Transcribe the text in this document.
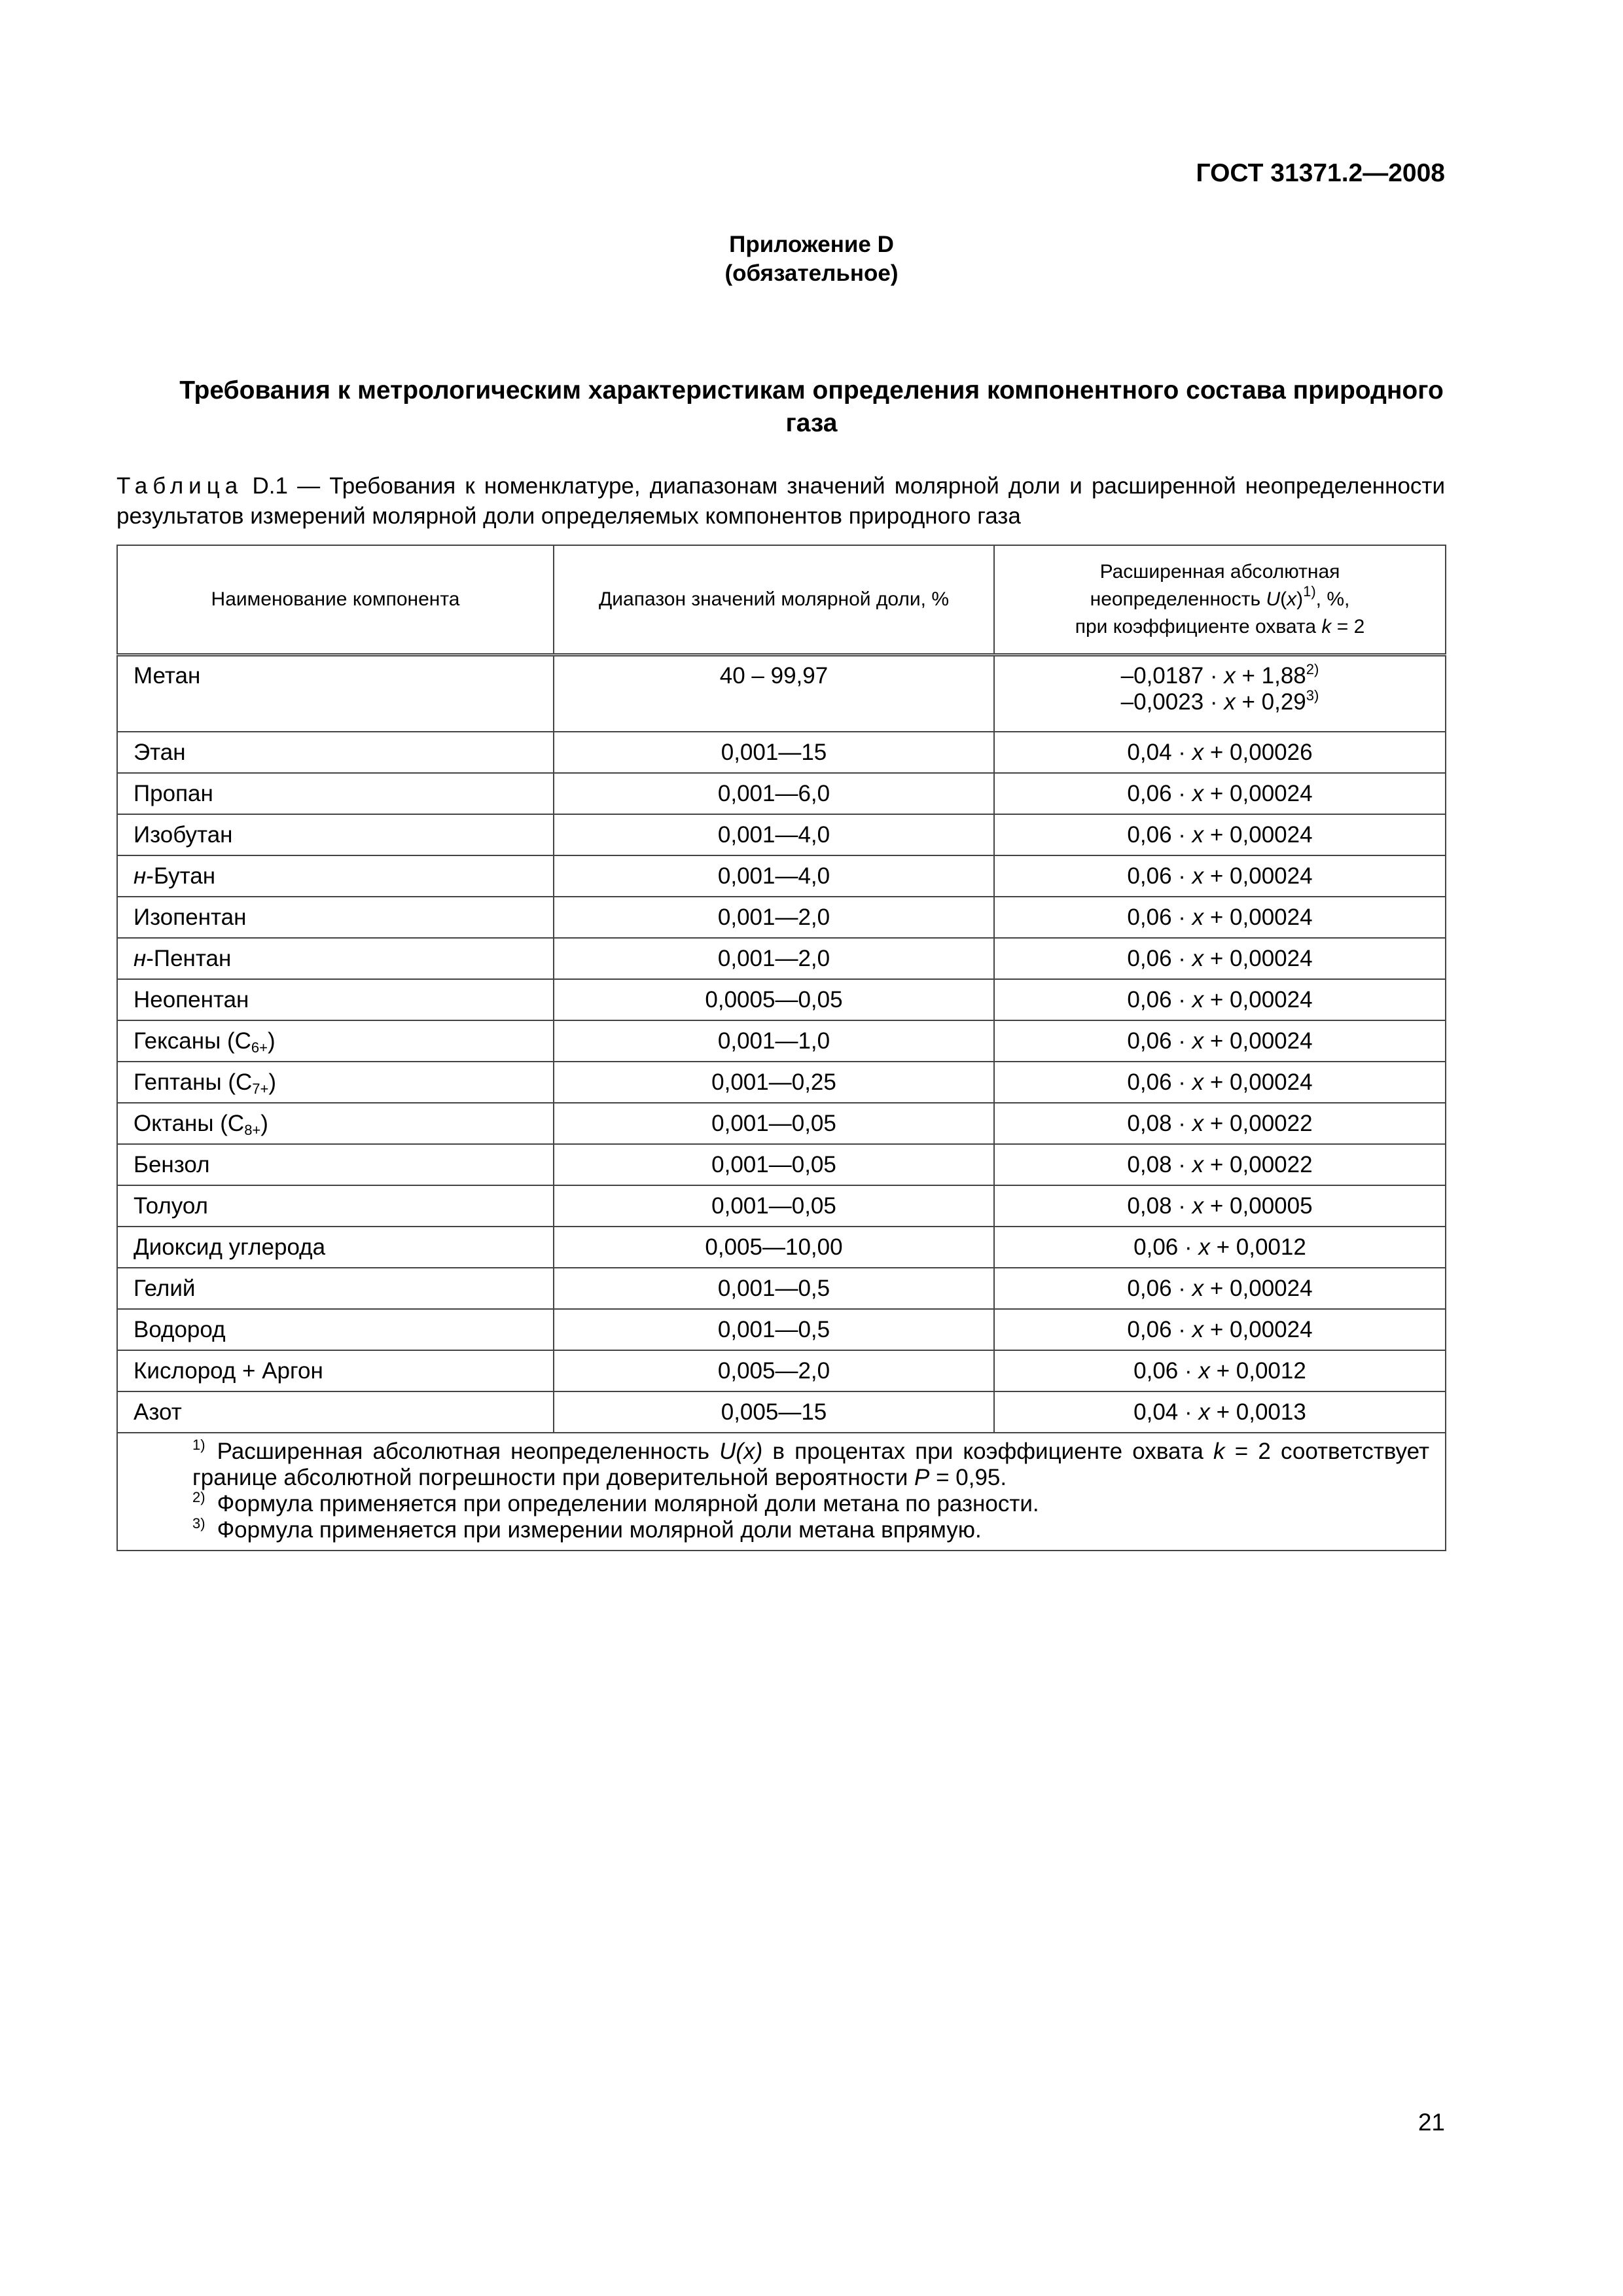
ГОСТ 31371.2—2008
Приложение D
(обязательное)
Требования к метрологическим характеристикам определения компонентного состава природного газа
Таблица D.1 — Требования к номенклатуре, диапазонам значений молярной доли и расширенной неопределенности результатов измерений молярной доли определяемых компонентов природного газа
Наименование компонента	Диапазон значений молярной доли, %	Расширенная абсолютная
неопределенность $U(x)^{1)}$, %,
при коэффициенте охвата k = 2
Метан	40 – 99,97	$-0,0187 \cdot x + 1,88^{2)}$
$-0,0023 \cdot x + 0,29^{3)}$

Этан	0,001—15	0,04 · x + 0,00026
Пропан	0,001—6,0	0,06 · x + 0,00024
Изобутан	0,001—4,0	0,06 · x + 0,00024
н-Бутан	0,001—4,0	0,06 · x + 0,00024
Изопентан	0,001—2,0	0,06 · x + 0,00024
н-Пентан	0,001—2,0	0,06 · x + 0,00024
Неопентан	0,0005—0,05	0,06 · x + 0,00024
Гексаны $(С_{6+})$	0,001—1,0	0,06 · x + 0,00024
Гептаны $(С_{7+})$	0,001—0,25	0,06 · x + 0,00024
Октаны $(С_{8+})$	0,001—0,05	0,08 · x + 0,00022
Бензол	0,001—0,05	0,08 · x + 0,00022
Толуол	0,001—0,05	0,08 · x + 0,00005
Диоксид углерода	0,005—10,00	0,06 · x + 0,0012
Гелий	0,001—0,5	0,06 · x + 0,00024
Водород	0,001—0,5	0,06 · x + 0,00024
Кислород + Аргон	0,005—2,0	0,06 · x + 0,0012
Азот	0,005—15	0,04 · x + 0,0013

$^{1)}$ Расширенная абсолютная неопределенность U(x) в процентах при коэффициенте охвата k = 2 соответствует границе абсолютной погрешности при доверительной вероятности P = 0,95.
$^{2)}$ Формула применяется при определении молярной доли метана по разности.
$^{3)}$ Формула применяется при измерении молярной доли метана впрямую.		
21
